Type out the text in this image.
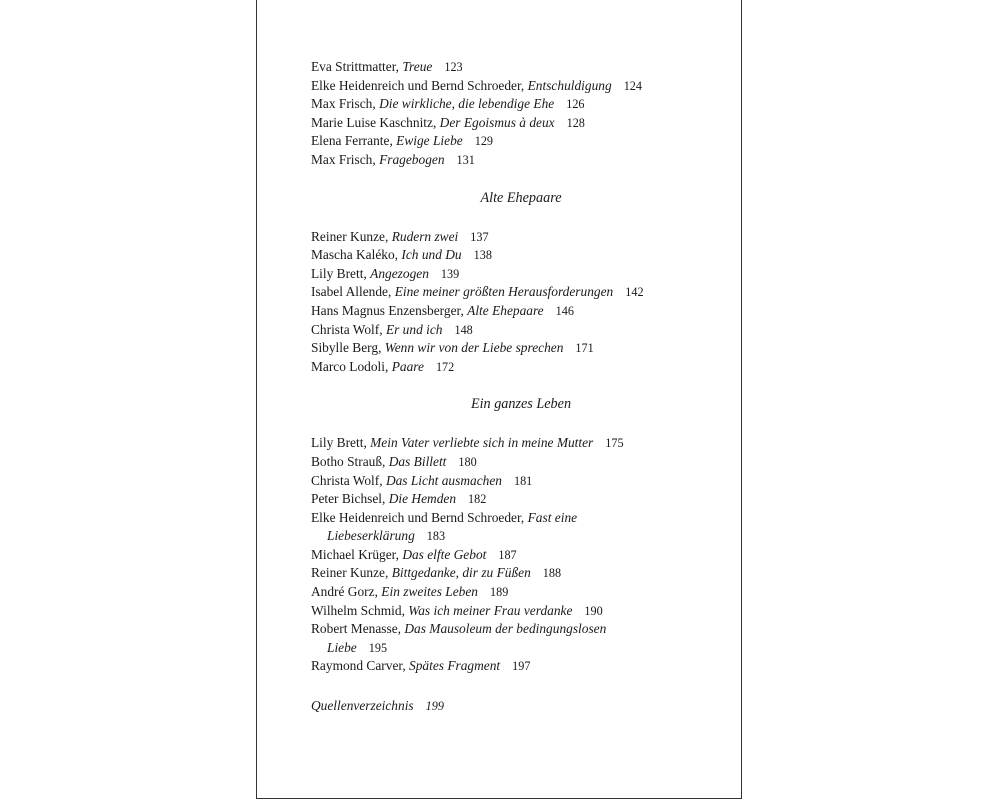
Eva Strittmatter, Treue 123
Elke Heidenreich und Bernd Schroeder, Entschuldigung 124
Max Frisch, Die wirkliche, die lebendige Ehe 126
Marie Luise Kaschnitz, Der Egoismus à deux 128
Elena Ferrante, Ewige Liebe 129
Max Frisch, Fragebogen 131
Alte Ehepaare
Reiner Kunze, Rudern zwei 137
Mascha Kaléko, Ich und Du 138
Lily Brett, Angezogen 139
Isabel Allende, Eine meiner größten Herausforderungen 142
Hans Magnus Enzensberger, Alte Ehepaare 146
Christa Wolf, Er und ich 148
Sibylle Berg, Wenn wir von der Liebe sprechen 171
Marco Lodoli, Paare 172
Ein ganzes Leben
Lily Brett, Mein Vater verliebte sich in meine Mutter 175
Botho Strauß, Das Billett 180
Christa Wolf, Das Licht ausmachen 181
Peter Bichsel, Die Hemden 182
Elke Heidenreich und Bernd Schroeder, Fast eine
Liebeserklärung 183
Michael Krüger, Das elfte Gebot 187
Reiner Kunze, Bittgedanke, dir zu Füßen 188
André Gorz, Ein zweites Leben 189
Wilhelm Schmid, Was ich meiner Frau verdanke 190
Robert Menasse, Das Mausoleum der bedingungslosen
Liebe 195
Raymond Carver, Spätes Fragment 197
Quellenverzeichnis 199
